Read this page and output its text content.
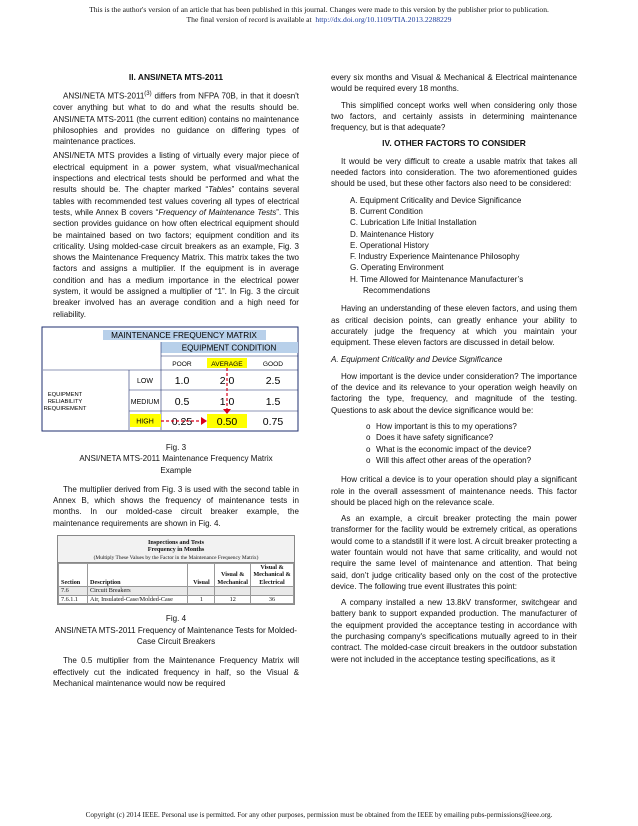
This is the author's version of an article that has been published in this journal. Changes were made to this version by the publisher prior to publication.
The final version of record is available at http://dx.doi.org/10.1109/TIA.2013.2288229
II. ANSI/NETA MTS-2011

ANSI/NETA MTS-2011$^{(3)}$ differs from NFPA 70B, in that it doesn't cover anything but what to do and what the results should be. ANSI/NETA MTS-2011 (the current edition) contains no maintenance philosophies and provides no guidance on differing types of maintenance practices.

ANSI/NETA MTS provides a listing of virtually every major piece of electrical equipment in a power system, what visual/mechanical inspections and electrical tests should be performed and what the results should be. The chapter marked “Tables” contains several tables with recommended test values covering all types of electrical tests, while Annex B covers “Frequency of Maintenance Tests”. This section provides guidance on how often electrical equipment should be maintained based on two factors; equipment condition and its criticality. Using molded-case circuit breakers as an example, Fig. 3 shows the Maintenance Frequency Matrix. This matrix takes the two factors and assigns a multiplier. If the equipment is in average condition and has a medium importance in the electrical power system, it would be assigned a multiplier of “1”. In Fig. 3 the circuit breaker involved has an average condition and a high need for reliability.

MAINTENANCE FREQUENCY MATRIX
EQUIPMENT CONDITION
POOR	AVERAGE	GOOD
EQUIPMENT
RELIABILITY
REQUIREMENT
LOW 1.0	2.0	2.5
MEDIUM 0.5	1.0	1.5
HIGH 0.25 0.50 0.75
Fig. 3
ANSI/NETA MTS-2011 Maintenance Frequency Matrix
Example

The multiplier derived from Fig. 3 is used with the second table in Annex B, which shows the frequency of maintenance tests in months. In our molded-case circuit breaker example, the maintenance requirements are shown in Fig. 4.

Inspections and Tests
Frequency in Months
(Multiply These Values by the Factor in the Maintenance Frequency Matrix)
Section	Description	Visual	Visual & Mechanical	Visual & Mechanical & Electrical
7.6	Circuit Breakers			
7.6.1.1	Air, Insulated-Case/Molded-Case	1	12	36
Fig. 4
ANSI/NETA MTS-2011 Frequency of Maintenance Tests for Molded-Case Circuit Breakers

The 0.5 multiplier from the Maintenance Frequency Matrix will effectively cut the indicated frequency in half, so the Visual & Mechanical maintenance would now be required

every six months and Visual & Mechanical & Electrical maintenance would be required every 18 months.

This simplified concept works well when considering only those two factors, and certainly assists in determining maintenance frequency, but is that adequate?

IV. OTHER FACTORS TO CONSIDER

It would be very difficult to create a usable matrix that takes all needed factors into consideration. The two aforementioned guides should be used, but these other factors also need to be considered:

A. Equipment Criticality and Device Significance
B. Current Condition
C. Lubrication Life Initial Installation
D. Maintenance History
E. Operational History
F. Industry Experience Maintenance Philosophy
G. Operating Environment
H. Time Allowed for Maintenance Manufacturer’s Recommendations

Having an understanding of these eleven factors, and using them as critical decision points, can greatly enhance your ability to accurately judge the frequency at which you maintain your equipment. These eleven factors are discussed in detail below.

A. Equipment Criticality and Device Significance

How important is the device under consideration? The importance of the device and its relevance to your operation weigh heavily on factoring the type, frequency, and magnitude of the testing. Questions to ask about the device significance would be:

o How important is this to my operations?
o Does it have safety significance?
o What is the economic impact of the device?
o Will this affect other areas of the operation?

How critical a device is to your operation should play a significant role in the overall assessment of maintenance needs. This factor should be placed high on the relevance scale.

As an example, a circuit breaker protecting the main power transformer for the facility would be extremely critical, as operations would come to a standstill if it were lost. A circuit breaker protecting a water fountain would not have that same criticality, and would not require the same level of maintenance and attention. That being said, don’t judge criticality based only on the cost of the protective device. The following true event illustrates this point:

A company installed a new 13.8kV transformer, switchgear and battery bank to support expanded production. The manufacturer of the equipment provided the acceptance testing in accordance with the purchasing company's specifications mutually agreed to in their contract. The molded-case circuit breakers in the outdoor substation were not included in the acceptance testing specifications, as it

Copyright (c) 2014 IEEE. Personal use is permitted. For any other purposes, permission must be obtained from the IEEE by emailing pubs-permissions@ieee.org.
